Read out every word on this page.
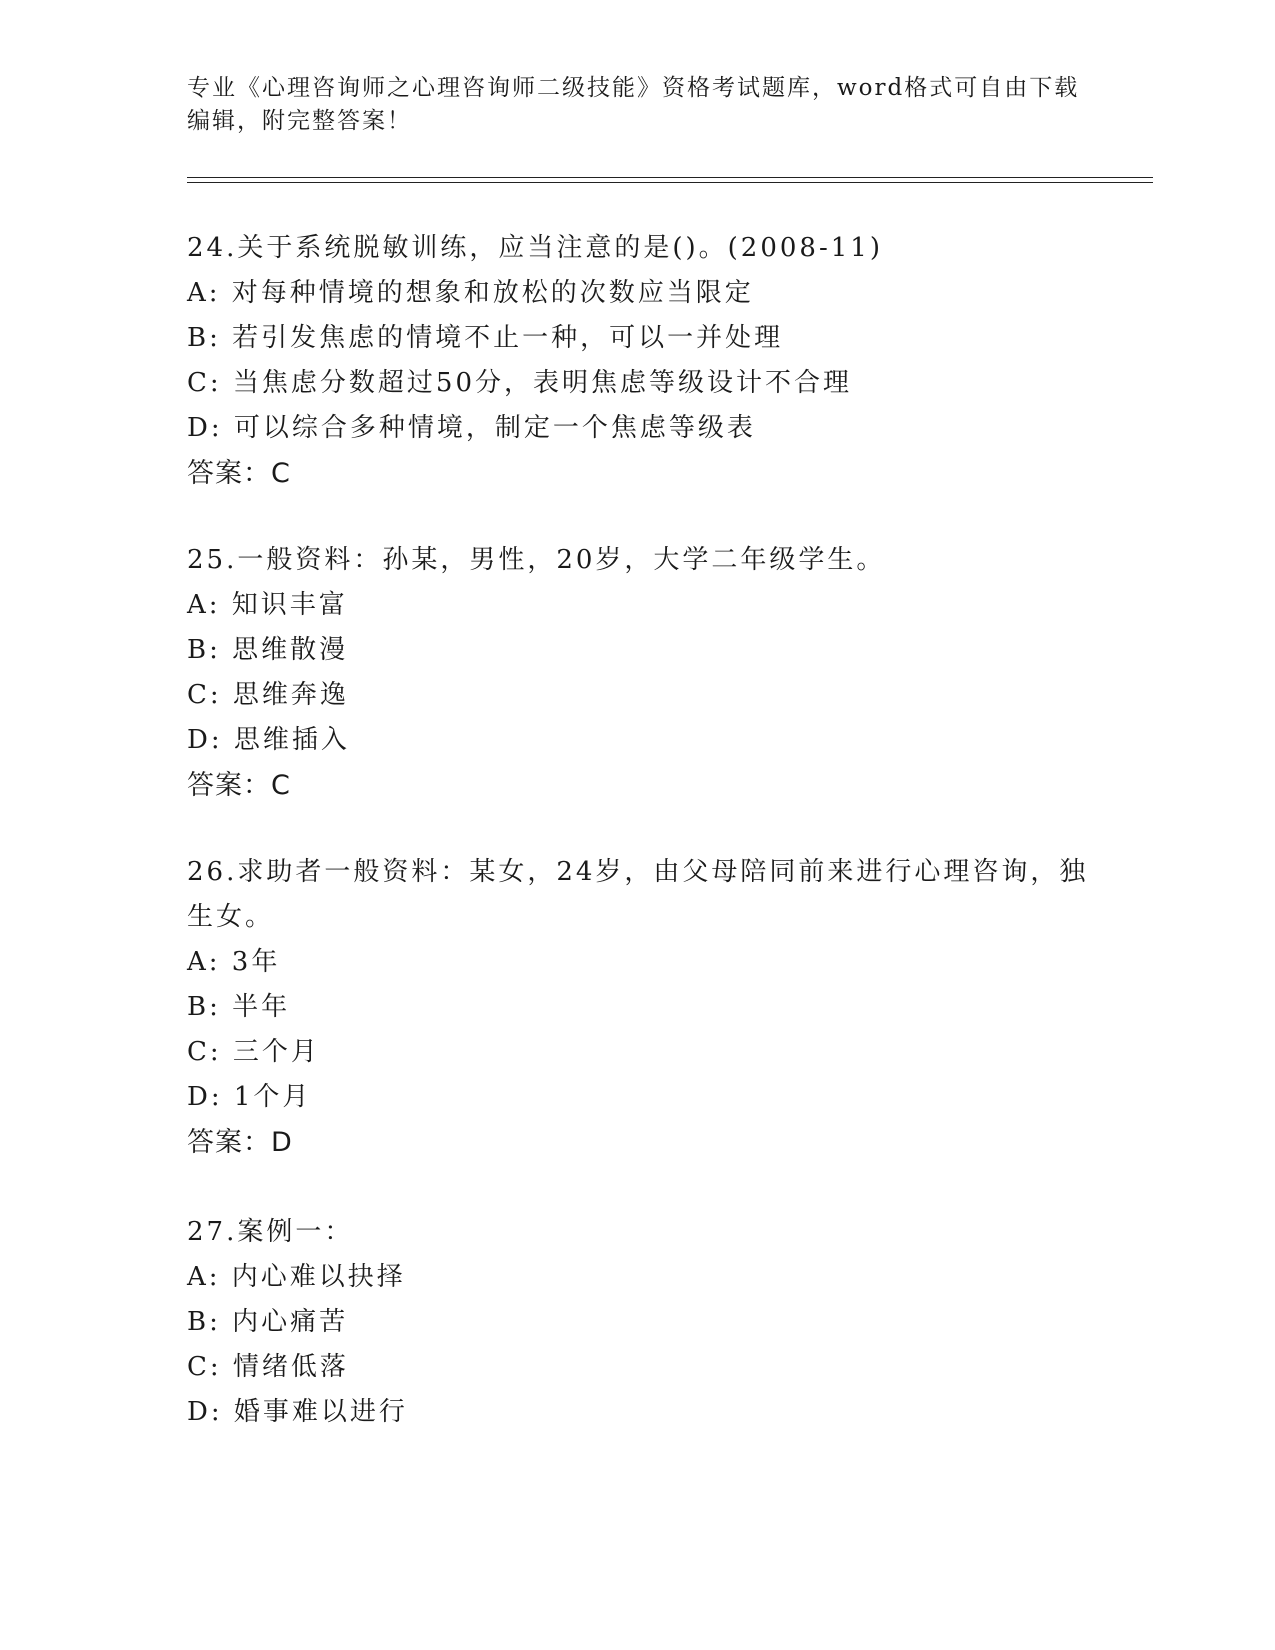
专业《心理咨询师之心理咨询师二级技能》资格考试题库，word格式可自由下载
编辑，附完整答案！
24.关于系统脱敏训练，应当注意的是()。(2008-11)
A: 对每种情境的想象和放松的次数应当限定
B: 若引发焦虑的情境不止一种，可以一并处理
C: 当焦虑分数超过50分，表明焦虑等级设计不合理
D: 可以综合多种情境，制定一个焦虑等级表
答案：C
25.一般资料：孙某，男性，20岁，大学二年级学生。
A: 知识丰富
B: 思维散漫
C: 思维奔逸
D: 思维插入
答案：C
26.求助者一般资料：某女，24岁，由父母陪同前来进行心理咨询，独
生女。
A: 3年
B: 半年
C: 三个月
D: 1个月
答案：D
27.案例一：
A: 内心难以抉择
B: 内心痛苦
C: 情绪低落
D: 婚事难以进行
